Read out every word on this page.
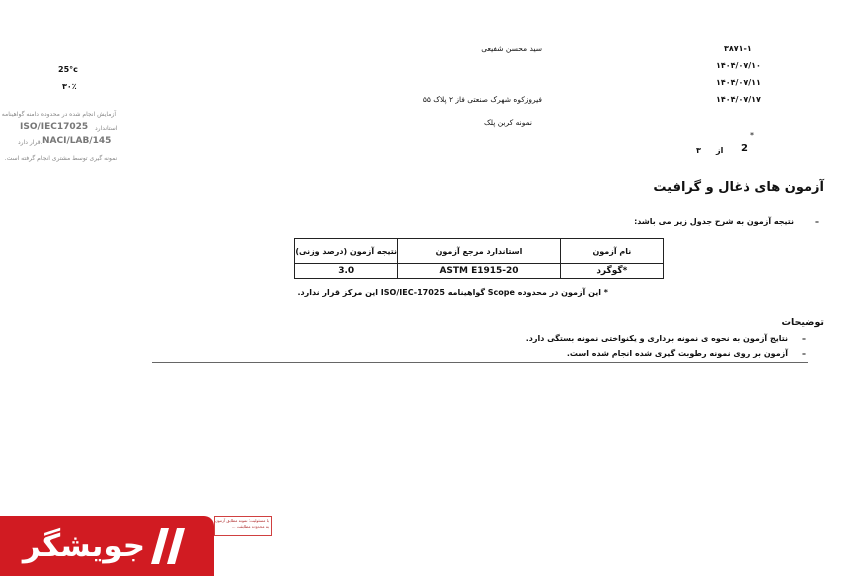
۳۸۷۱-۱
۱۴۰۴/۰۷/۱۰
۱۴۰۴/۰۷/۱۱
۱۴۰۴/۰۷/۱۷
سید محسن شفیعی
فیروزکوه شهرک صنعتی فاز ۲ پلاک ۵۵
نمونه کربن پلک
*
2
از
۳
25°c
۳۰٪
آزمایش انجام شده در محدوده دامنه گواهینامه
ISO/IEC17025 استاندارد
NACI/LAB/145
قرار دارد.
نمونه گیری توسط مشتری انجام گرفته است.
آزمون های ذغال و گرافیت
–
نتیجه آزمون به شرح جدول زیر می باشد:
نام آزمون	استاندارد مرجع آزمون	نتیجه آزمون (درصد وزنی)
*گوگرد	ASTM E1915-20	3.0
* این آزمون در محدوده Scope گواهینامه ISO/IEC-17025 این مرکز قرار ندارد.
توضیحات
–
نتایج آزمون به نحوه ی نمونه برداری و یکنواختی نمونه بستگی دارد.
–
آزمون بر روی نمونه رطوبت گیری شده انجام شده است.
با مسئولیت: نمونه مطابق آزمون
به محدوده مطابقت ...
جویشگر
